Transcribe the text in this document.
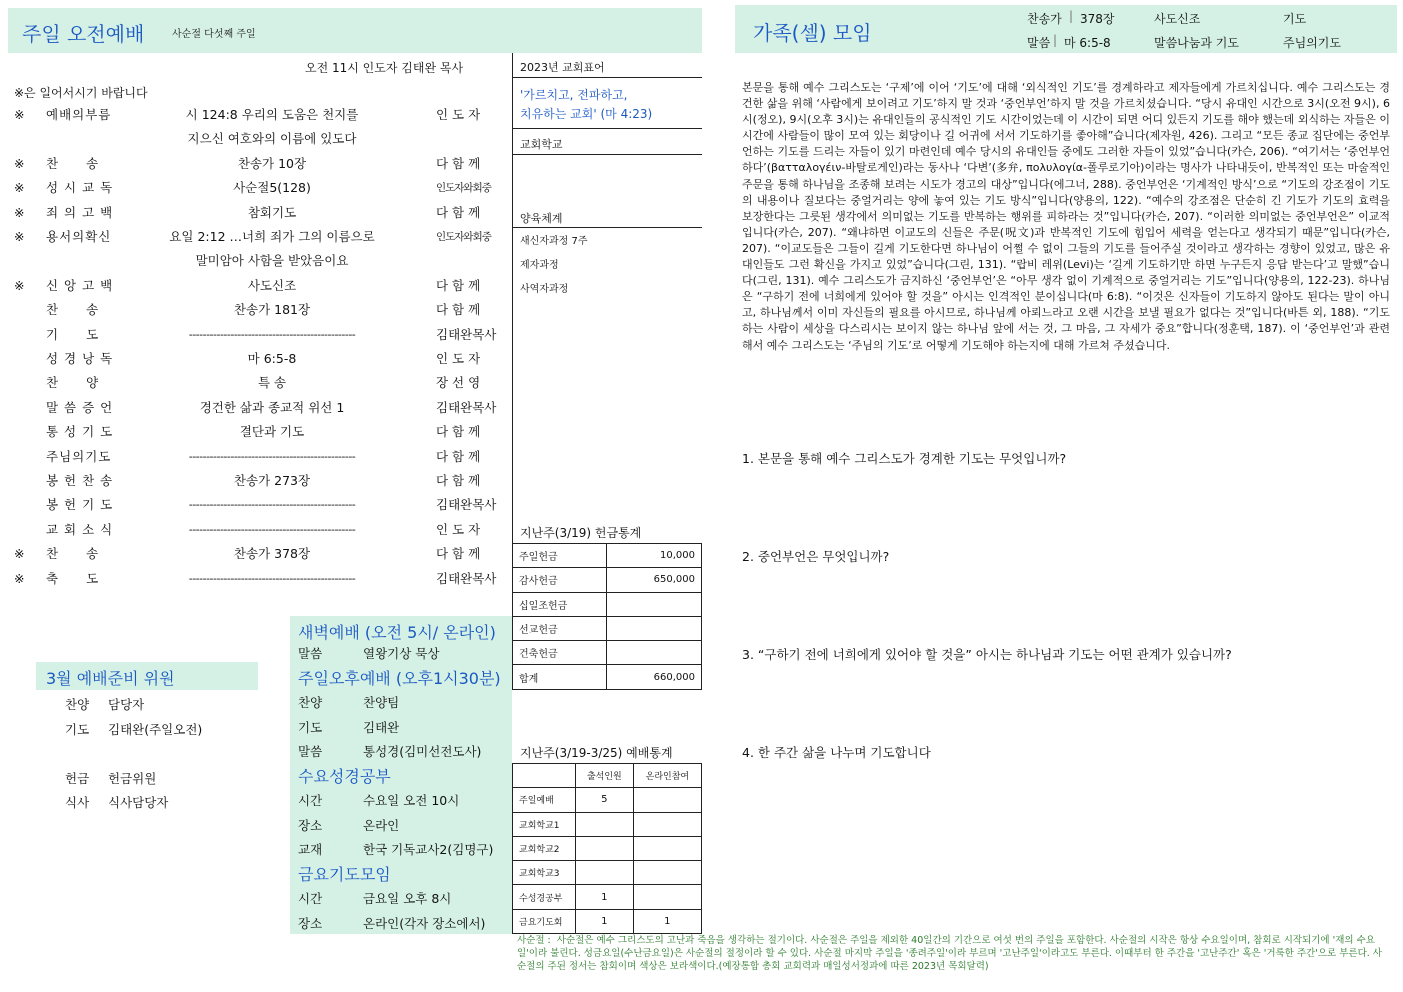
주일 오전예배	사순절 다섯째 주일	가족(셀) 모임
찬송가 | 378장	사도신조	기도
말씀 | 마 6:5-8	말씀나눔과 기도	주님의기도
오전 11시 인도자 김태완 목사
※은 일어서시기 바랍니다
※ 예배의부름	시 124:8 우리의 도움은 천지를	인 도 자
지으신 여호와의 이름에 있도다
※ 찬　　송	찬송가 10장	다 함 께
※ 성 시 교 독	사순절5(128)	인도자와회중
※ 죄 의 고 백	참회기도	다 함 께
※ 용서의확신	요일 2:12 …너희 죄가 그의 이름으로	인도자와회중
말미암아 사함을 받았음이요
※ 신 앙 고 백	사도신조	다 함 께
찬　　송	찬송가 181장	다 함 께
기　　도	------------------------------------------------	김태완목사
성 경 낭 독	마 6:5-8	인 도 자
찬　　양	특 송	장 선 영
말 씀 증 언	경건한 삶과 종교적 위선 1	김태완목사
통 성 기 도	결단과 기도	다 함 께
주님의기도	------------------------------------------------	다 함 께
봉 헌 찬 송	찬송가 273장	다 함 께
봉 헌 기 도	------------------------------------------------	김태완목사
교 회 소 식	------------------------------------------------	인 도 자
※ 찬　　송	찬송가 378장	다 함 께
※ 축　　도	------------------------------------------------	김태완목사
2023년 교회표어
'가르치고, 전파하고,
치유하는 교회' (마 4:23)
교회학교
양육체계
새신자과정 7주
제자과정
사역자과정
지난주(3/19) 헌금통계
주일헌금	10,000
감사헌금	650,000
십일조헌금	
선교헌금	
건축헌금	
합계	660,000
지난주(3/19-3/25) 예배통계
	출석인원	온라인참여
주일예배	5	
교회학교1		
교회학교2		
교회학교3		
수성경공부	1	
금요기도회	1	1
새벽예배 (오전 5시/ 온라인)
말씀	열왕기상 묵상
주일오후예배 (오후1시30분)
찬양	찬양팀
기도	김태완
말씀	통성경(김미선전도사)
수요성경공부
시간	수요일 오전 10시
장소	온라인
교재	한국 기독교사2(김명구)
금요기도모임
시간	금요일 오후 8시
장소	온라인(각자 장소에서)
3월 예배준비 위원
찬양 담당자
기도 김태완(주일오전)
헌금 헌금위원
식사 식사담당자
본문을 통해 예수 그리스도는 ‘구제’에 이어 ‘기도’에 대해 ‘외식적인 기도’를 경계하라고 제자들에게 가르치십니다. 예수 그리스도는 경건한 삶을 위해 ‘사람에게 보이려고 기도’하지 말 것과 ‘중언부언’하지 말 것을 가르치셨습니다. “당시 유대인 시간으로 3시(오전 9시), 6시(정오), 9시(오후 3시)는 유대인들의 공식적인 기도 시간이었는데 이 시간이 되면 어디 있든지 기도를 해야 했는데 외식하는 자들은 이 시간에 사람들이 많이 모여 있는 회당이나 길 어귀에 서서 기도하기를 좋아해”습니다(제자원, 426). 그리고 “모든 종교 집단에는 중언부언하는 기도를 드리는 자들이 있기 마련인데 예수 당시의 유대인들 중에도 그러한 자들이 있었”습니다(카슨, 206). “여기서는 ‘중언부언하다’(βατταλογέιν-바탈로게인)라는 동사나 ‘다변’(多弁, πολυλογία-폴루로기아)이라는 명사가 나타내듯이, 반복적인 또는 마술적인 주문을 통해 하나님을 조종해 보려는 시도가 경고의 대상”입니다(에그너, 288). 중언부언은 ‘기계적인 방식’으로 “기도의 강조점이 기도의 내용이나 질보다는 중얼거리는 양에 놓여 있는 기도 방식”입니다(양용의, 122). “예수의 강조점은 단순히 긴 기도가 기도의 효력을 보장한다는 그릇된 생각에서 의미없는 기도를 반복하는 행위를 피하라는 것”입니다(카슨, 207). “이러한 의미없는 중언부언은” 이교적입니다(카슨, 207). “왜냐하면 이교도의 신들은 주문(呪文)과 반복적인 기도에 힘입어 세력을 얻는다고 생각되기 때문”입니다(카슨, 207). “이교도들은 그들이 길게 기도한다면 하나님이 어쩔 수 없이 그들의 기도를 들어주실 것이라고 생각하는 경향이 있었고, 많은 유대인들도 그런 확신을 가지고 있었”습니다(그린, 131). “랍비 레위(Levi)는 ‘길게 기도하기만 하면 누구든지 응답 받는다’고 말했”습니다(그린, 131). 예수 그리스도가 금지하신 ‘중언부언’은 “아무 생각 없이 기계적으로 중얼거리는 기도”입니다(양용의, 122-23). 하나님은 “구하기 전에 너희에게 있어야 할 것을” 아시는 인격적인 분이십니다(마 6:8). “이것은 신자들이 기도하지 않아도 된다는 말이 아니고, 하나님께서 이미 자신들의 필요를 아시므로, 하나님께 아뢰느라고 오랜 시간을 보낼 필요가 없다는 것”입니다(바튼 외, 188). “기도하는 사람이 세상을 다스리시는 보이지 않는 하나님 앞에 서는 것, 그 마음, 그 자세가 중요”합니다(정훈택, 187). 이 ‘중언부언’과 관련해서 예수 그리스도는 ‘주님의 기도’로 어떻게 기도해야 하는지에 대해 가르쳐 주셨습니다.
1. 본문을 통해 예수 그리스도가 경계한 기도는 무엇입니까?
2. 중언부언은 무엇입니까?
3. “구하기 전에 너희에게 있어야 할 것을” 아시는 하나님과 기도는 어떤 관계가 있습니까?
4. 한 주간 삶을 나누며 기도합니다
사순절 : 사순절은 예수 그리스도의 고난과 죽음을 생각하는 절기이다. 사순절은 주일을 제외한 40일간의 기간으로 여섯 번의 주일을 포함한다. 사순절의 시작은 항상 수요일이며, 참회로 시작되기에 '재의 수요일'이라 불린다. 성금요일(수난금요일)은 사순절의 절정이라 할 수 있다. 사순절 마지막 주일을 '종려주일'이라 부르며 '고난주일'이라고도 부른다. 이때부터 한 주간을 '고난주간' 혹은 '거룩한 주간'으로 부른다. 사순절의 주된 정서는 참회이며 색상은 보라색이다.(예장통합 총회 교회력과 매일성서정과에 따른 2023년 목회달력)
